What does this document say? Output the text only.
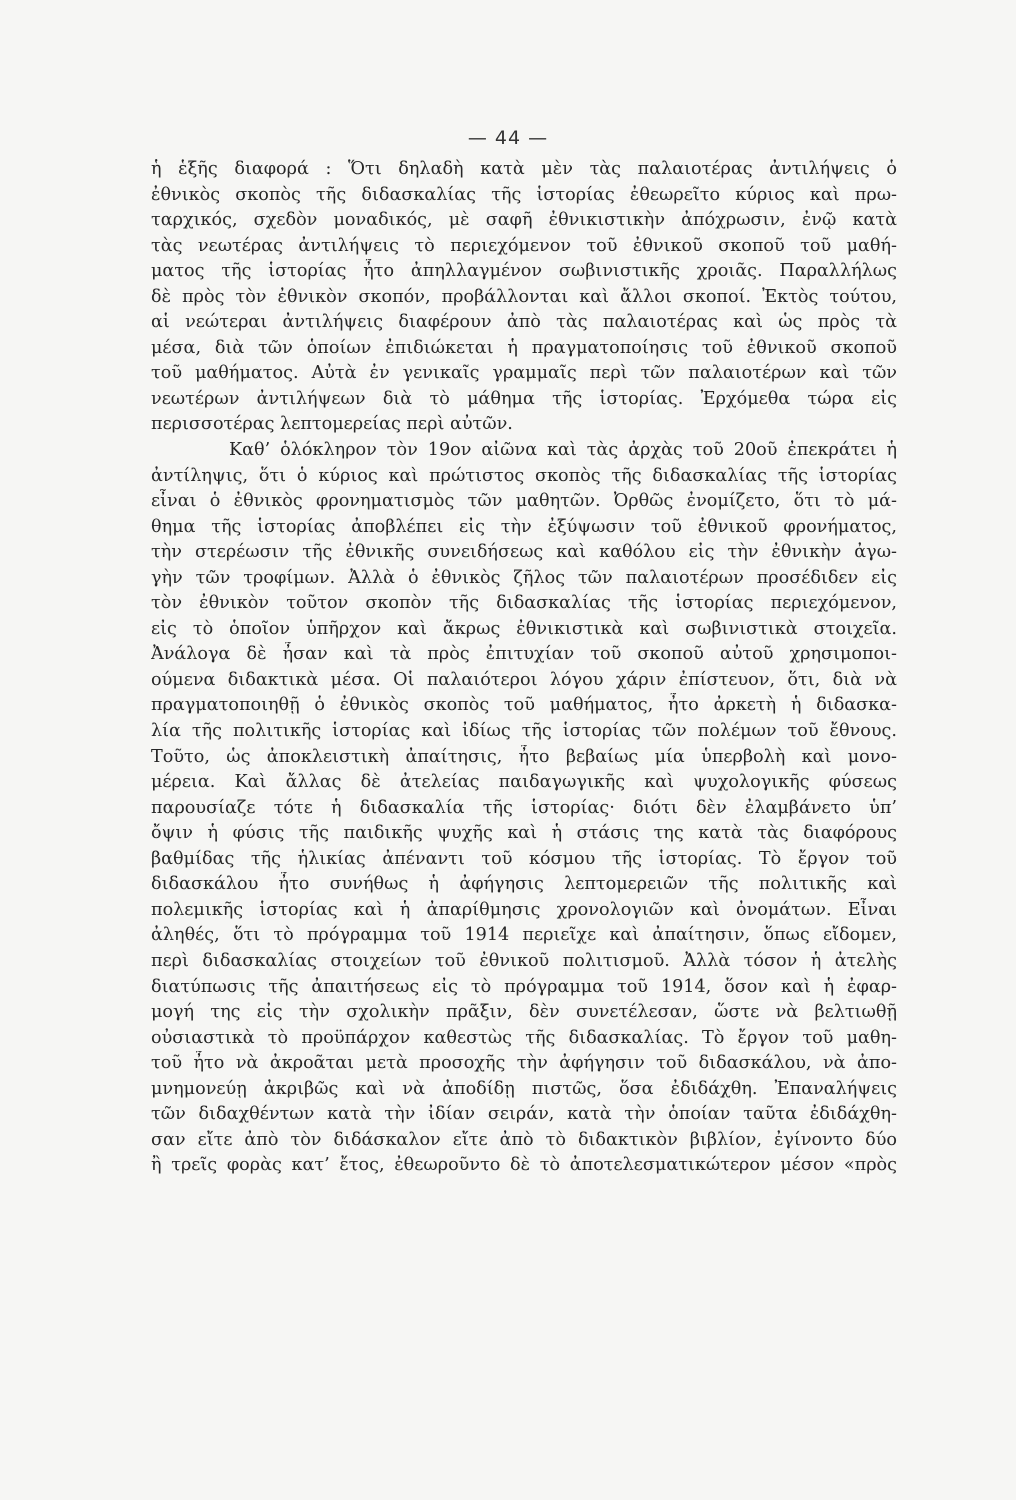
— 44 —
ἡ ἑξῆς διαφορά : Ὅτι δηλαδὴ κατὰ μὲν τὰς παλαιοτέρας ἀντιλήψεις ὁ
ἐθνικὸς σκοπὸς τῆς διδασκαλίας τῆς ἱστορίας ἐθεωρεῖτο κύριος καὶ πρω-
ταρχικός, σχεδὸν μοναδικός, μὲ σαφῆ ἐθνικιστικὴν ἀπόχρωσιν, ἐνῷ κατὰ
τὰς νεωτέρας ἀντιλήψεις τὸ περιεχόμενον τοῦ ἐθνικοῦ σκοποῦ τοῦ μαθή-
ματος τῆς ἱστορίας ἦτο ἀπηλλαγμένον σωβινιστικῆς χροιᾶς. Παραλλήλως
δὲ πρὸς τὸν ἐθνικὸν σκοπόν, προβάλλονται καὶ ἄλλοι σκοποί. Ἐκτὸς τούτου,
αἱ νεώτεραι ἀντιλήψεις διαφέρουν ἀπὸ τὰς παλαιοτέρας καὶ ὡς πρὸς τὰ
μέσα, διὰ τῶν ὁποίων ἐπιδιώκεται ἡ πραγματοποίησις τοῦ ἐθνικοῦ σκοποῦ
τοῦ μαθήματος. Αὐτὰ ἐν γενικαῖς γραμμαῖς περὶ τῶν παλαιοτέρων καὶ τῶν
νεωτέρων ἀντιλήψεων διὰ τὸ μάθημα τῆς ἱστορίας. Ἐρχόμεθα τώρα εἰς
περισσοτέρας λεπτομερείας περὶ αὐτῶν.
Καθ’ ὁλόκληρον τὸν 19ον αἰῶνα καὶ τὰς ἀρχὰς τοῦ 20οῦ ἐπεκράτει ἡ
ἀντίληψις, ὅτι ὁ κύριος καὶ πρώτιστος σκοπὸς τῆς διδασκαλίας τῆς ἱστορίας
εἶναι ὁ ἐθνικὸς φρονηματισμὸς τῶν μαθητῶν. Ὀρθῶς ἐνομίζετο, ὅτι τὸ μά-
θημα τῆς ἱστορίας ἀποβλέπει εἰς τὴν ἐξύψωσιν τοῦ ἐθνικοῦ φρονήματος,
τὴν στερέωσιν τῆς ἐθνικῆς συνειδήσεως καὶ καθόλου εἰς τὴν ἐθνικὴν ἀγω-
γὴν τῶν τροφίμων. Ἀλλὰ ὁ ἐθνικὸς ζῆλος τῶν παλαιοτέρων προσέδιδεν εἰς
τὸν ἐθνικὸν τοῦτον σκοπὸν τῆς διδασκαλίας τῆς ἱστορίας περιεχόμενον,
εἰς τὸ ὁποῖον ὑπῆρχον καὶ ἄκρως ἐθνικιστικὰ καὶ σωβινιστικὰ στοιχεῖα.
Ἀνάλογα δὲ ἦσαν καὶ τὰ πρὸς ἐπιτυχίαν τοῦ σκοποῦ αὐτοῦ χρησιμοποι-
ούμενα διδακτικὰ μέσα. Οἱ παλαιότεροι λόγου χάριν ἐπίστευον, ὅτι, διὰ νὰ
πραγματοποιηθῇ ὁ ἐθνικὸς σκοπὸς τοῦ μαθήματος, ἦτο ἀρκετὴ ἡ διδασκα-
λία τῆς πολιτικῆς ἱστορίας καὶ ἰδίως τῆς ἱστορίας τῶν πολέμων τοῦ ἔθνους.
Τοῦτο, ὡς ἀποκλειστικὴ ἀπαίτησις, ἦτο βεβαίως μία ὑπερβολὴ καὶ μονο-
μέρεια. Καὶ ἄλλας δὲ ἀτελείας παιδαγωγικῆς καὶ ψυχολογικῆς φύσεως
παρουσίαζε τότε ἡ διδασκαλία τῆς ἱστορίας· διότι δὲν ἐλαμβάνετο ὑπ’
ὄψιν ἡ φύσις τῆς παιδικῆς ψυχῆς καὶ ἡ στάσις της κατὰ τὰς διαφόρους
βαθμίδας τῆς ἡλικίας ἀπέναντι τοῦ κόσμου τῆς ἱστορίας. Τὸ ἔργον τοῦ
διδασκάλου ἦτο συνήθως ἡ ἀφήγησις λεπτομερειῶν τῆς πολιτικῆς καὶ
πολεμικῆς ἱστορίας καὶ ἡ ἀπαρίθμησις χρονολογιῶν καὶ ὀνομάτων. Εἶναι
ἀληθές, ὅτι τὸ πρόγραμμα τοῦ 1914 περιεῖχε καὶ ἀπαίτησιν, ὅπως εἴδομεν,
περὶ διδασκαλίας στοιχείων τοῦ ἐθνικοῦ πολιτισμοῦ. Ἀλλὰ τόσον ἡ ἀτελὴς
διατύπωσις τῆς ἀπαιτήσεως εἰς τὸ πρόγραμμα τοῦ 1914, ὅσον καὶ ἡ ἐφαρ-
μογή της εἰς τὴν σχολικὴν πρᾶξιν, δὲν συνετέλεσαν, ὥστε νὰ βελτιωθῇ
οὐσιαστικὰ τὸ προϋπάρχον καθεστὼς τῆς διδασκαλίας. Τὸ ἔργον τοῦ μαθη-
τοῦ ἦτο νὰ ἀκροᾶται μετὰ προσοχῆς τὴν ἀφήγησιν τοῦ διδασκάλου, νὰ ἀπο-
μνημονεύῃ ἀκριβῶς καὶ νὰ ἀποδίδῃ πιστῶς, ὅσα ἐδιδάχθη. Ἐπαναλήψεις
τῶν διδαχθέντων κατὰ τὴν ἰδίαν σειράν, κατὰ τὴν ὁποίαν ταῦτα ἐδιδάχθη-
σαν εἴτε ἀπὸ τὸν διδάσκαλον εἴτε ἀπὸ τὸ διδακτικὸν βιβλίον, ἐγίνοντο δύο
ἢ τρεῖς φορὰς κατ’ ἔτος, ἐθεωροῦντο δὲ τὸ ἀποτελεσματικώτερον μέσον «πρὸς
